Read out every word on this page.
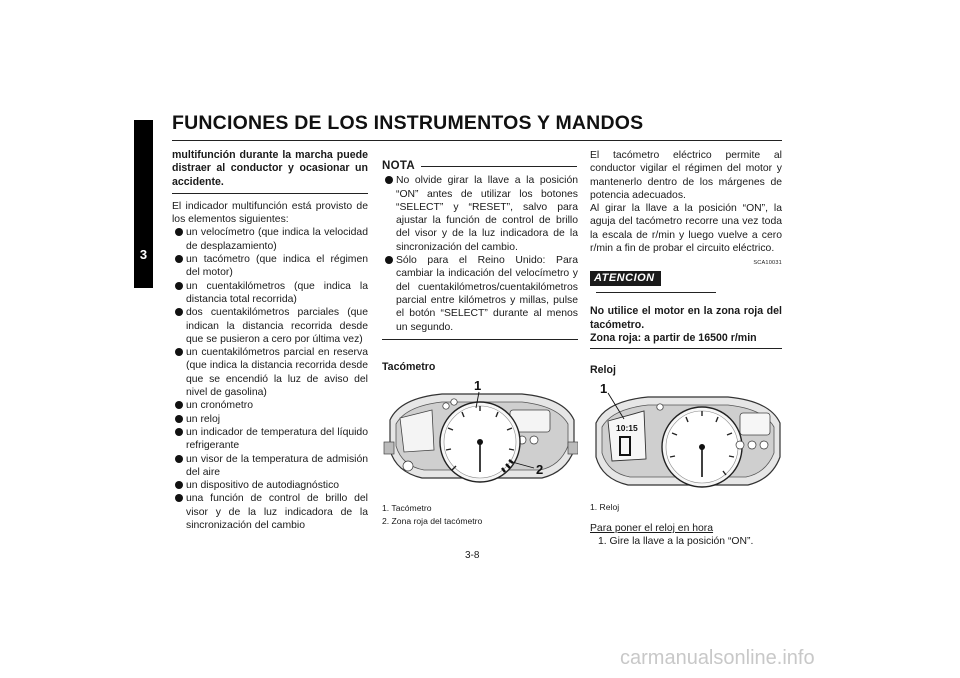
FUNCIONES DE LOS INSTRUMENTOS Y MANDOS
3
multifunción durante la marcha puede distraer al conductor y ocasionar un accidente.

El indicador multifunción está provisto de los elementos siguientes:

un velocímetro (que indica la velocidad de desplazamiento)
un tacómetro (que indica el régimen del motor)
un cuentakilómetros (que indica la distancia total recorrida)
dos cuentakilómetros parciales (que indican la distancia recorrida desde que se pusieron a cero por última vez)
un cuentakilómetros parcial en reserva (que indica la distancia recorrida desde que se encendió la luz de aviso del nivel de gasolina)
un cronómetro
un reloj
un indicador de temperatura del líquido refrigerante
un visor de la temperatura de admisión del aire
un dispositivo de autodiagnóstico
una función de control de brillo del visor y de la luz indicadora de la sincronización del cambio
NOTA
No olvide girar la llave a la posición “ON” antes de utilizar los botones “SELECT” y “RESET”, salvo para ajustar la función de control de brillo del visor y de la luz indicadora de la sincronización del cambio.
Sólo para el Reino Unido: Para cambiar la indicación del velocímetro y del cuentakilómetros/cuentakilómetros parcial entre kilómetros y millas, pulse el botón “SELECT” durante al menos un segundo.
Tacómetro
1
2
1. Tacómetro
2. Zona roja del tacómetro

El tacómetro eléctrico permite al conductor vigilar el régimen del motor y mantenerlo dentro de los márgenes de potencia adecuados.

Al girar la llave a la posición “ON”, la aguja del tacómetro recorre una vez toda la escala de r/min y luego vuelve a cero r/min a fin de probar el circuito eléctrico.

SCA10031
ATENCION
No utilice el motor en la zona roja del tacómetro.
Zona roja: a partir de 16500 r/min
Reloj
10:15
1
1. Reloj
Para poner el reloj en hora
1. Gire la llave a la posición “ON”.
3-8
carmanualsonline.info
